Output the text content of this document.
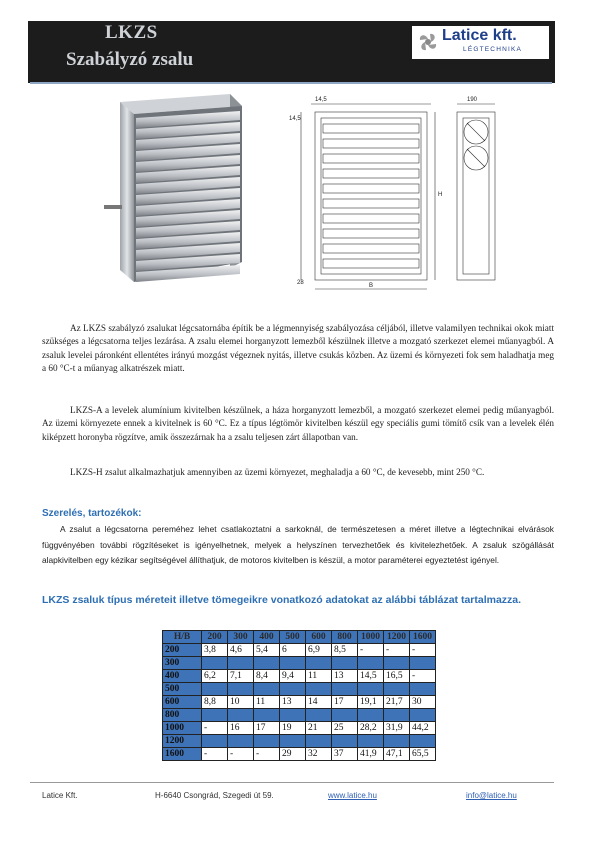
LKZS
Szabályzó zsalu
Latice kft.
LÉGTECHNIKA
14,5
14,5
190
H
28	B
Az LKZS szabályzó zsalukat légcsatornába építik be a légmennyiség szabályozása céljából, illetve valamilyen technikai okok miatt szükséges a légcsatorna teljes lezárása. A zsalu elemei horganyzott lemezből készülnek illetve a mozgató szerkezet elemei műanyagból. A zsaluk levelei páronként ellentétes irányú mozgást végeznek nyitás, illetve csukás közben. Az üzemi és környezeti fok sem haladhatja meg a 60 °C-t a műanyag alkatrészek miatt.
LKZS-A a levelek alumínium kivitelben készülnek, a háza horganyzott lemezből, a mozgató szerkezet elemei pedig műanyagból. Az üzemi környezete ennek a kivitelnek is 60 °C. Ez a típus légtömör kivitelben készül egy speciális gumi tömítő csík van a levelek élén kiképzett horonyba rögzítve, amik összezárnak ha a zsalu teljesen zárt állapotban van.
LKZS-H zsalut alkalmazhatjuk amennyiben az üzemi környezet, meghaladja a 60 °C, de kevesebb, mint 250 °C.
Szerelés, tartozékok:
A zsalut a légcsatorna pereméhez lehet csatlakoztatni a sarkoknál, de természetesen a méret illetve a légtechnikai elvárások függvényében további rögzítéseket is igényelhetnek, melyek a helyszínen tervezhetőek és kivitelezhetőek. A zsaluk szögállását alapkivitelben egy kézikar segítségével állíthatjuk, de motoros kivitelben is készül, a motor paraméterei egyeztetést igényel.
LKZS zsaluk típus méreteit illetve tömegeikre vonatkozó adatokat az alábbi táblázat tartalmazza.
H/B	200	300	400	500	600	800	1000	1200	1600
200	3,8	4,6	5,4	6	6,9	8,5	-	-	-
300									
400	6,2	7,1	8,4	9,4	11	13	14,5	16,5	-
500									
600	8,8	10	11	13	14	17	19,1	21,7	30
800									
1000	-	16	17	19	21	25	28,2	31,9	44,2
1200									
1600	-	-	-	29	32	37	41,9	47,1	65,5
Latice Kft.	H-6640 Csongrád, Szegedi út 59.	www.latice.hu	info@latice.hu
